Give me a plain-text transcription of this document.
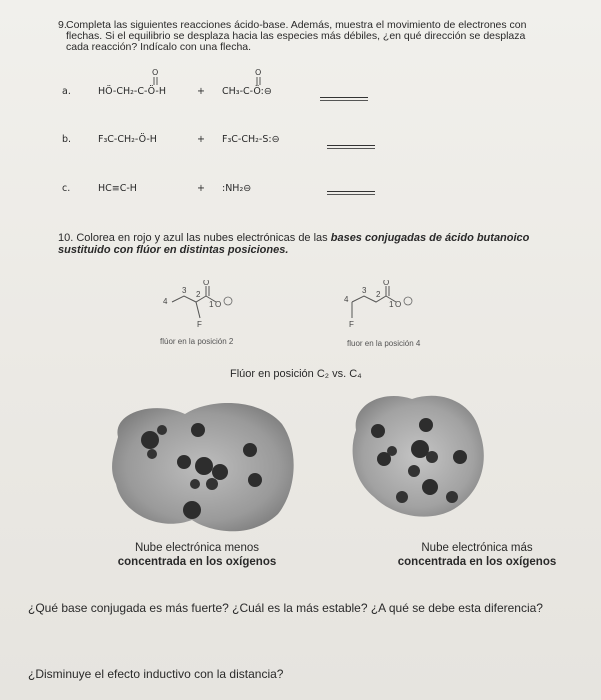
9. Completa las siguientes reacciones ácido-base. Además, muestra el movimiento de electrones con flechas. Si el equilibrio se desplaza hacia las especies más débiles, ¿en qué dirección se desplaza cada reacción? Indícalo con una flecha.
a.	HÖ-CH₂-C-Ö-H	+ CH₃-C-Ö:⊖
O	O
b.	F₃C-CH₂-Ö-H	+ F₃C-CH₂-S:⊖
c.	HC≡C-H	+ :NH₂⊖
10. Colorea en rojo y azul las nubes electrónicas de las bases conjugadas de ácido butanoico sustituido con flúor en distintas posiciones.
4
3 2
1
O
O
F
flúor en la posición 2
4
3 2
1
O
O
F
fluor en la posición 4
Flúor en posición C₂ vs. C₄
Nube electrónica menos
concentrada en los oxígenos
Nube electrónica más
concentrada en los oxígenos
¿Qué base conjugada es más fuerte? ¿Cuál es la más estable? ¿A qué se debe esta diferencia?
¿Disminuye el efecto inductivo con la distancia?
